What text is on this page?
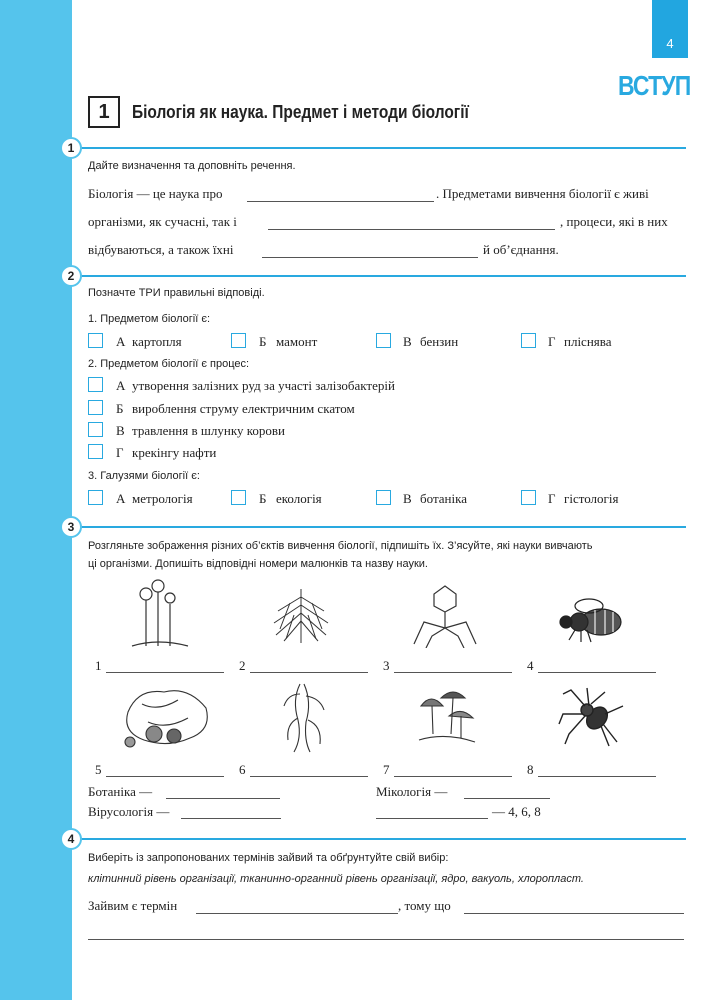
4
ВСТУП
1	Біологія як наука. Предмет і методи біології
1
Дайте визначення та доповніть речення.
Біологія — це наука про	. Предметами вивчення біології є живі
організми, як сучасні, так і	, процеси, які в них
відбуваються, а також їхні	й об’єднання.
2
Позначте ТРИ правильні відповіді.
1. Предметом біології є:
А картопля	Б мамонт	В бензин	Г пліснява
2. Предметом біології є процес:
А утворення залізних руд за участі залізобактерій
Б вироблення струму електричним скатом
В травлення в шлунку корови
Г крекінгу нафти
3. Галузями біології є:
А метрологія	Б екологія	В ботаніка	Г гістологія
3
Розгляньте зображення різних об’єктів вивчення біології, підпишіть їх. З’ясуйте, які науки вивчають
ці організми. Допишіть відповідні номери малюнків та назву науки.
1	2	3	4
5	6	7	8
Ботаніка —	Мікологія —
Вірусологія —	— 4, 6, 8
4
Виберіть із запропонованих термінів зайвий та обґрунтуйте свій вибір:
клітинний рівень організації, тканинно-органний рівень організації, ядро, вакуоль, хлоропласт.
Зайвим є термін	, тому що
